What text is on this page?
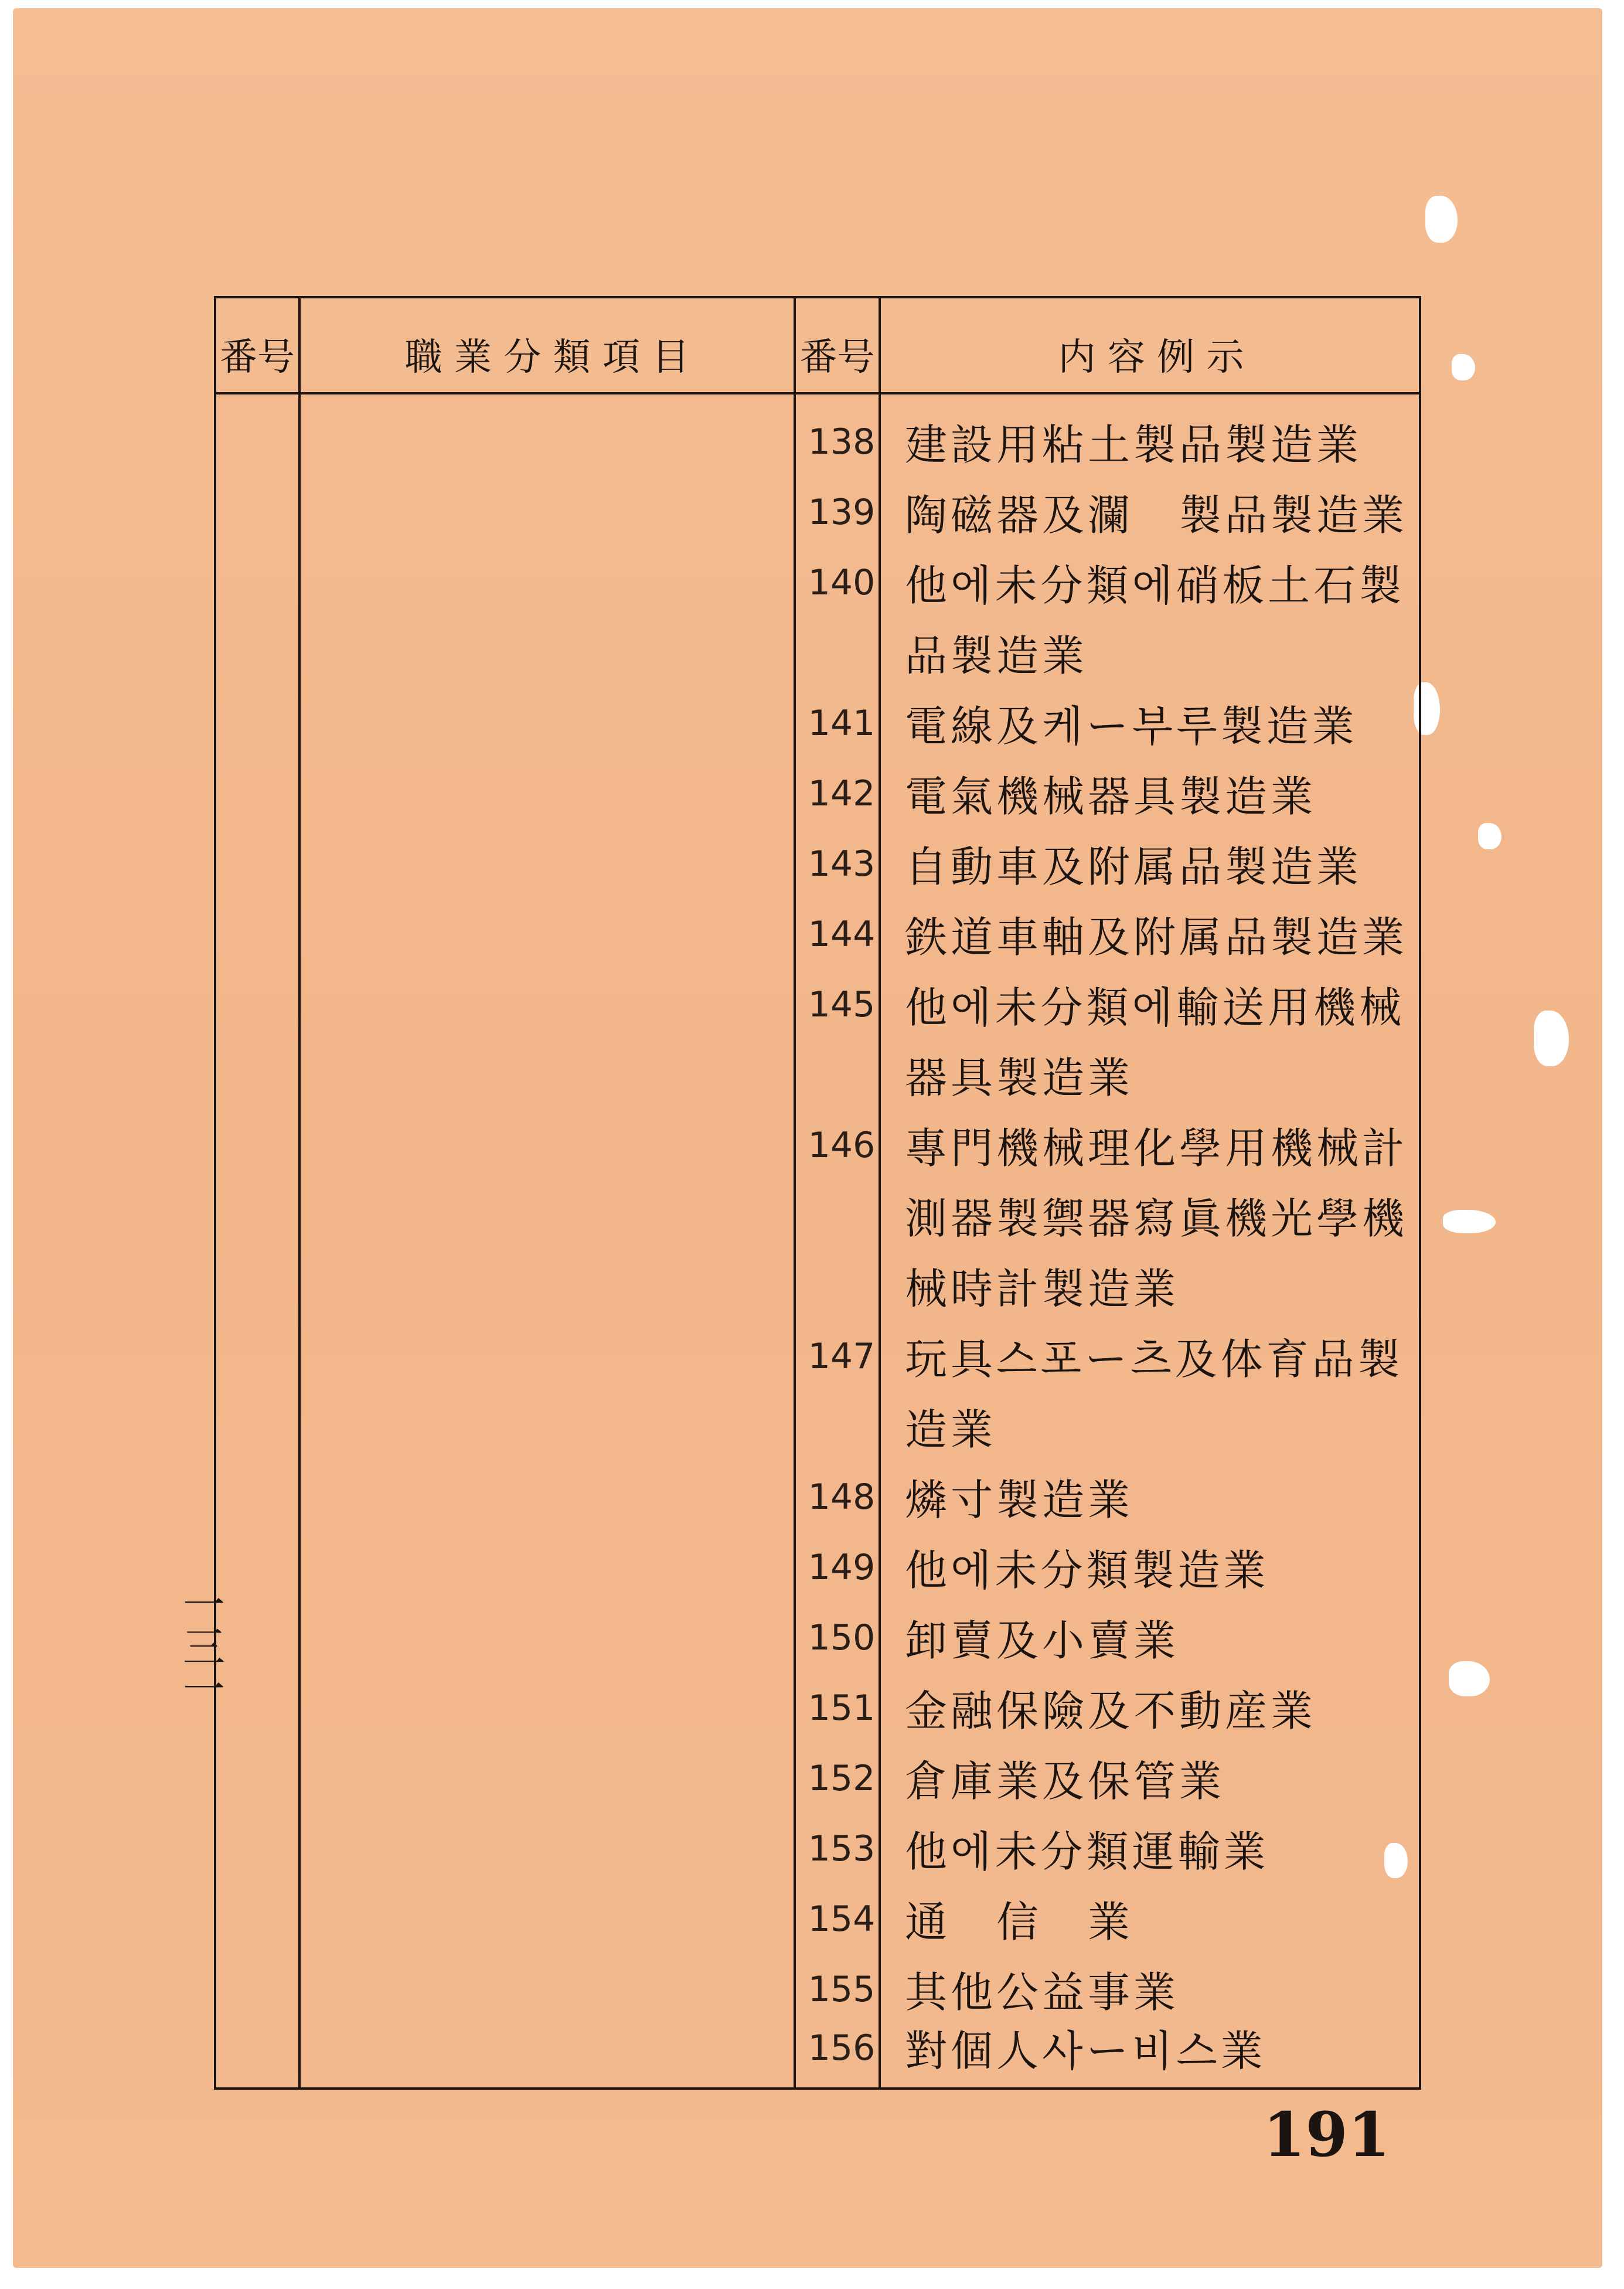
番号	職 業 分 類 項 目	番号	内 容 例 示
138 建設用粘土製品製造業
139 陶磁器及瀾　製品製造業
140 他에未分類에硝板土石製品製造業
141 電線及케ー부루製造業
142 電氣機械器具製造業
143 自動車及附属品製造業
144 鉄道車軸及附属品製造業
145 他에未分類에輸送用機械器具製造業
146 專門機械理化學用機械計測器製禦器寫眞機光學機械時計製造業
147 玩具스포ー츠及体育品製造業
148 燐寸製造業
149 他에未分類製造業
150 卸賣及小賣業
151 金融保險及不動産業
152 倉庫業及保管業
153 他에未分類運輸業
154 通　信　業
155 其他公益事業
156 對個人사ー비스業
一三一
191
